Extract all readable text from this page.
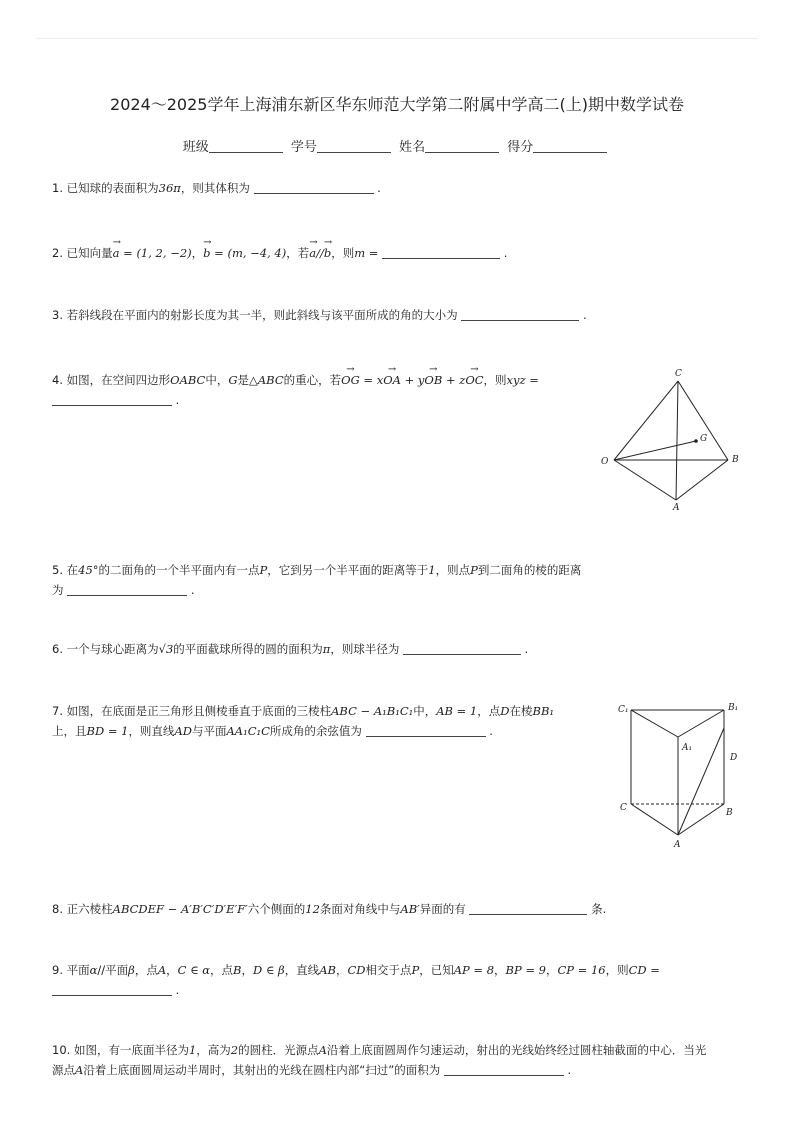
2024～2025学年上海浦东新区华东师范大学第二附属中学高二(上)期中数学试卷
班级	学号	姓名	得分
1. 已知球的表面积为36π，则其体积为	.
2. 已知向量→ a = (1, 2, −2)，→ b = (m, −4, 4)，若→ a//→ b，则m =	.
3. 若斜线段在平面内的射影长度为其一半，则此斜线与该平面所成的角的大小为	.
4. 如图，在空间四边形OABC中，G是△ABC的重心，若→ OG = x→ OA + y→ OB + z→ OC，则xyz =
.
C
G
O	B
A
5. 在45°的二面角的一个半平面内有一点P，它到另一个半平面的距离等于1，则点P到二面角的棱的距离
为	.
6. 一个与球心距离为√3的平面截球所得的圆的面积为π，则球半径为	.
7. 如图，在底面是正三角形且侧棱垂直于底面的三棱柱ABC − A₁B₁C₁中，AB = 1，点D在棱BB₁
上，且BD = 1，则直线AD与平面AA₁C₁C所成角的余弦值为	.
C₁	B₁
A₁
D
C	B
A
8. 正六棱柱ABCDEF − A′B′C′D′E′F′六个侧面的12条面对角线中与AB′异面的有	条.
9. 平面α//平面β，点A，C ∈ α，点B，D ∈ β，直线AB，CD相交于点P，已知AP = 8，BP = 9，CP = 16，则CD =
.
10. 如图，有一底面半径为1，高为2的圆柱．光源点A沿着上底面圆周作匀速运动，射出的光线始终经过圆柱轴截面的中心．当光
源点A沿着上底面圆周运动半周时，其射出的光线在圆柱内部“扫过”的面积为	.
